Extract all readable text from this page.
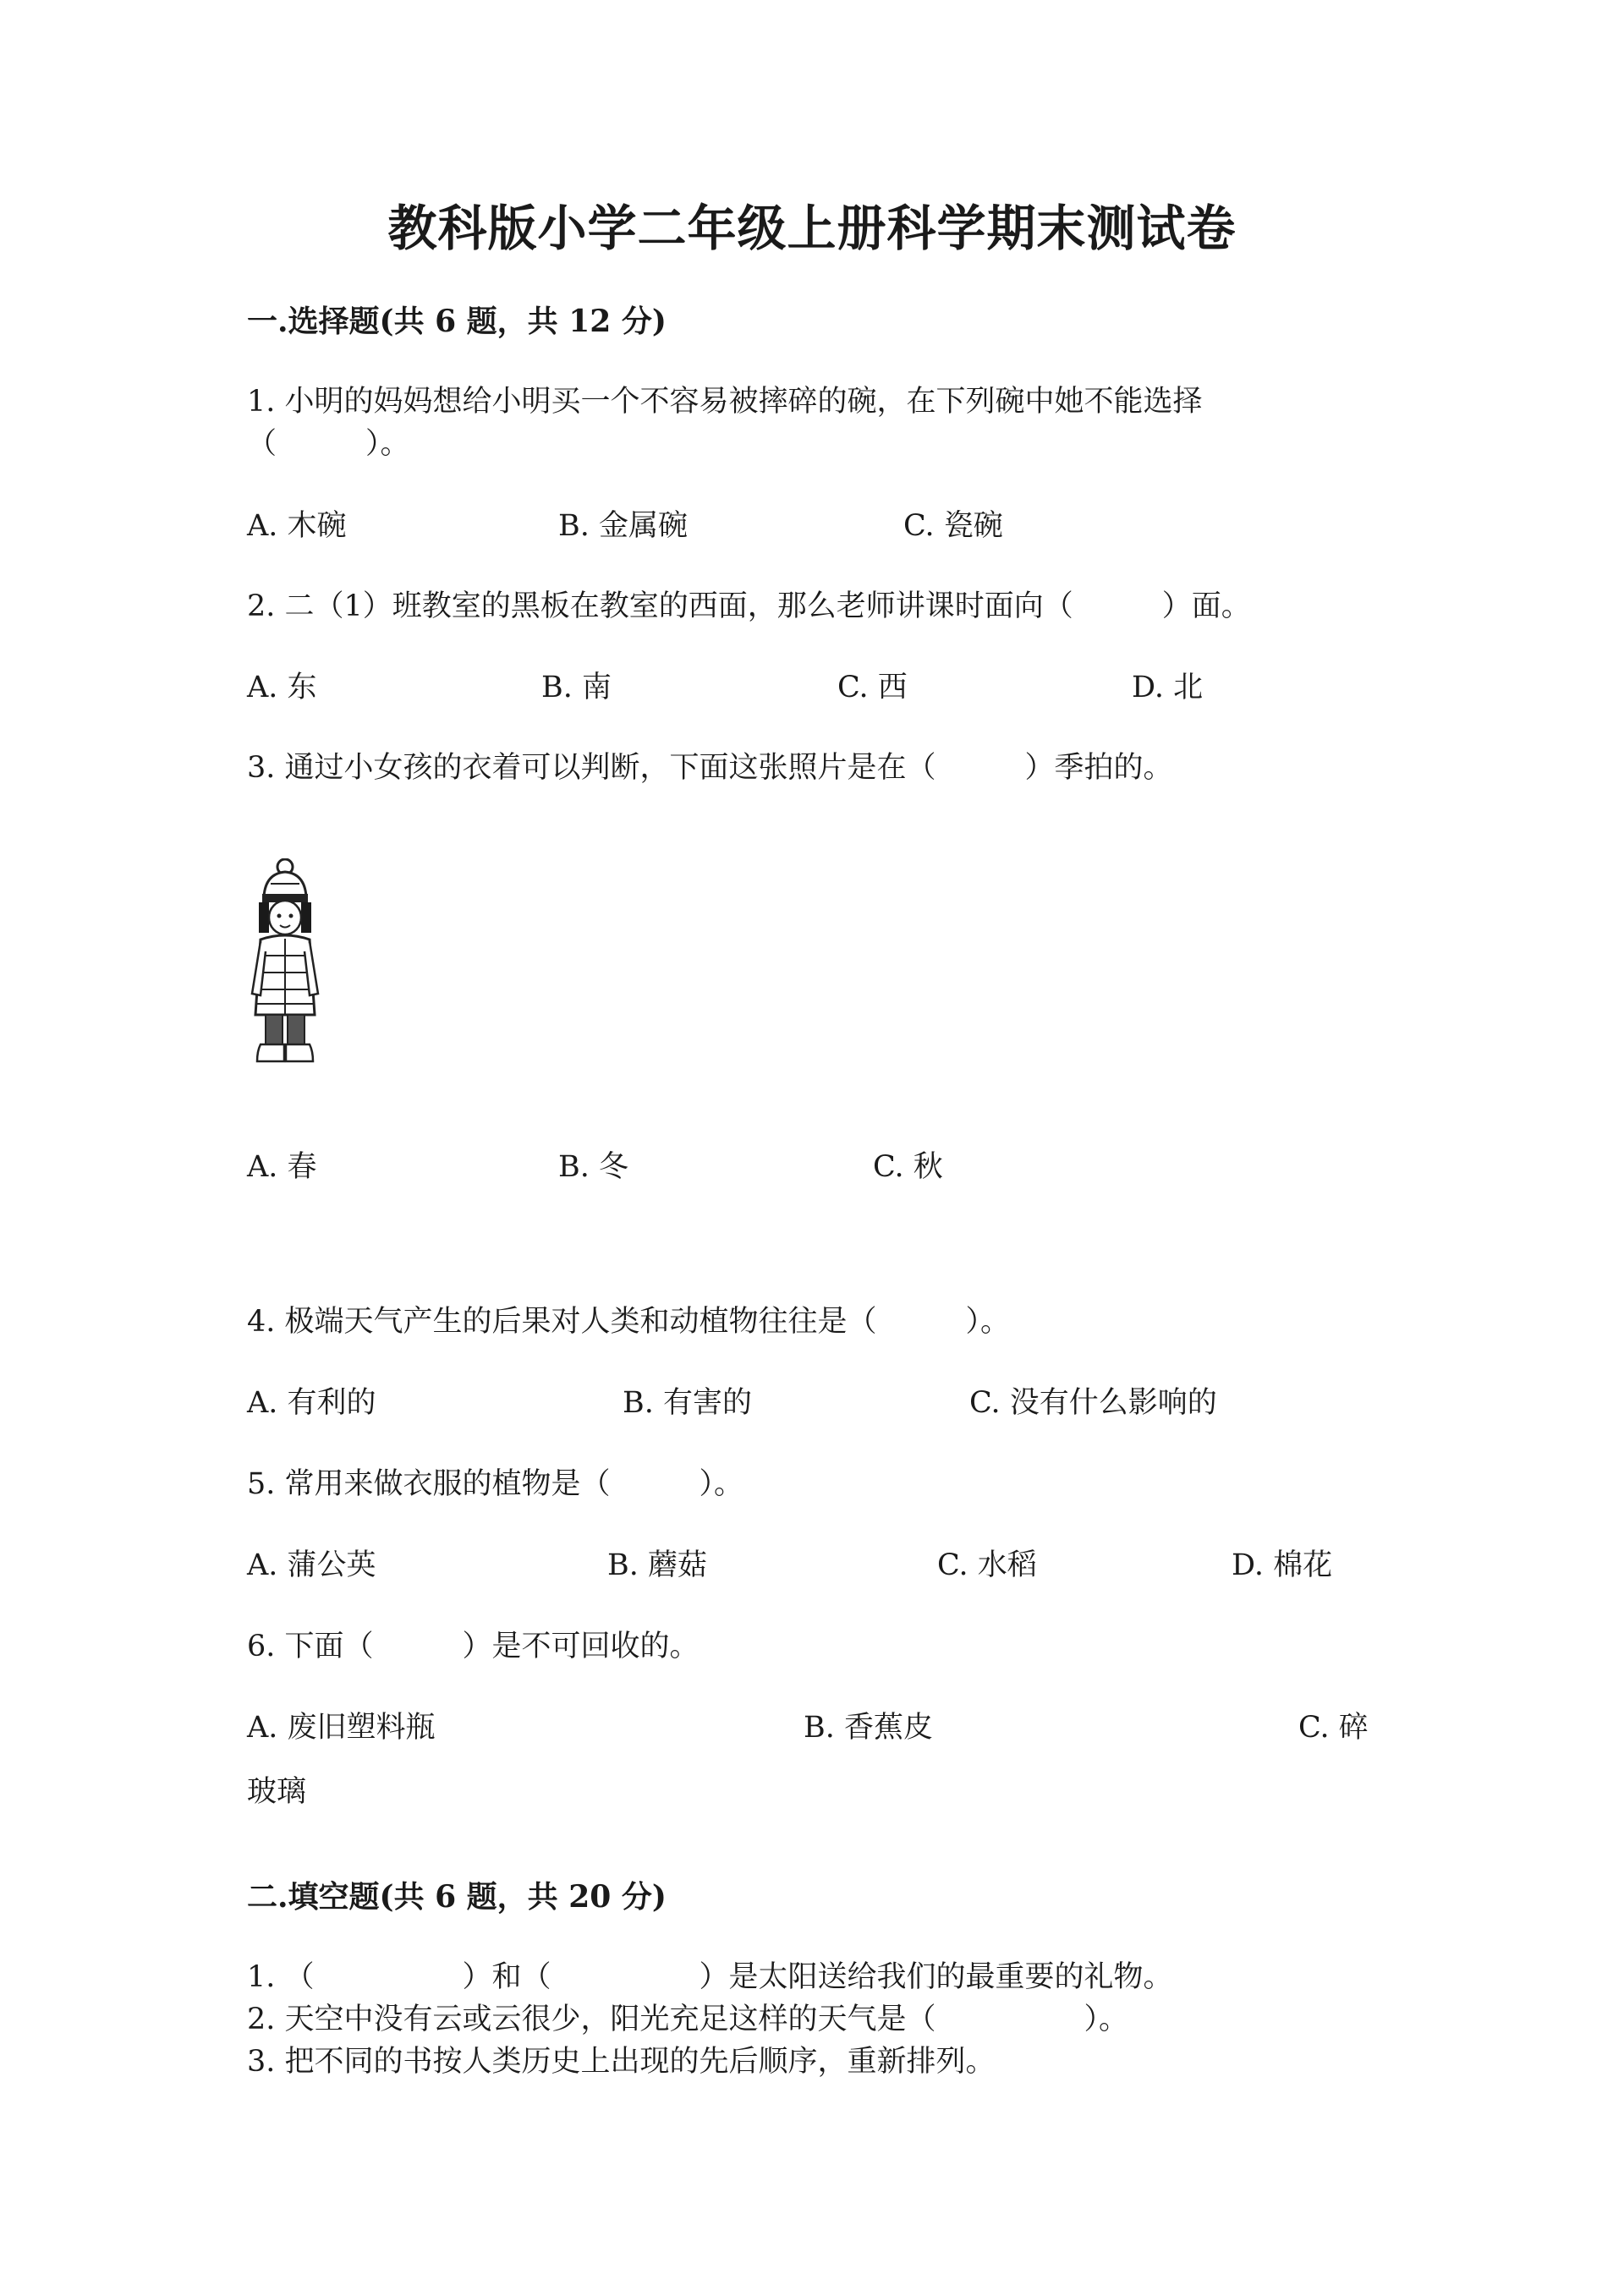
教科版小学二年级上册科学期末测试卷
一.选择题(共 6 题，共 12 分)
1. 小明的妈妈想给小明买一个不容易被摔碎的碗，在下列碗中她不能选择
（　　　）。
A. 木碗	B. 金属碗	C. 瓷碗
2. 二（1）班教室的黑板在教室的西面，那么老师讲课时面向（　　　）面。
A. 东	B. 南	C. 西	D. 北
3. 通过小女孩的衣着可以判断，下面这张照片是在（　　　）季拍的。
A. 春	B. 冬	C. 秋
4. 极端天气产生的后果对人类和动植物往往是（　　　）。
A. 有利的	B. 有害的	C. 没有什么影响的
5. 常用来做衣服的植物是（　　　）。
A. 蒲公英	B. 蘑菇	C. 水稻	D. 棉花
6. 下面（　　　）是不可回收的。
A. 废旧塑料瓶	B. 香蕉皮	C. 碎
玻璃
二.填空题(共 6 题，共 20 分)
1. （　　　　　）和（　　　　　）是太阳送给我们的最重要的礼物。
2. 天空中没有云或云很少，阳光充足这样的天气是（　　　　　）。
3. 把不同的书按人类历史上出现的先后顺序，重新排列。
